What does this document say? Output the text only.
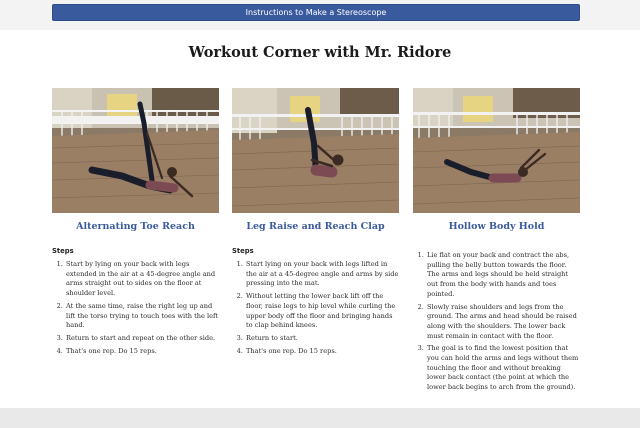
Instructions to Make a Stereoscope
Workout Corner with Mr. Ridore
Alternating Toe Reach
Steps
1. Start by lying on your back with legs extended in the air at a 45-degree angle and arms straight out to sides on the floor at shoulder level.
2. At the same time, raise the right leg up and lift the torso trying to touch toes with the left hand.
3. Return to start and repeat on the other side.
4. That's one rep. Do 15 reps.
Leg Raise and Reach Clap
Steps
1. Start lying on your back with legs lifted in the air at a 45-degree angle and arms by side pressing into the mat.
2. Without letting the lower back lift off the floor, raise legs to hip level while curling the upper body off the floor and bringing hands to clap behind knees.
3. Return to start.
4. That's one rep. Do 15 reps.
Hollow Body Hold
1. Lie flat on your back and contract the abs, pulling the belly button towards the floor. The arms and legs should be held straight out from the body with hands and toes pointed.
2. Slowly raise shoulders and legs from the ground. The arms and head should be raised along with the shoulders. The lower back must remain in contact with the floor.
3. The goal is to find the lowest position that you can hold the arms and legs without them touching the floor and without breaking lower back contact (the point at which the lower back begins to arch from the ground).
